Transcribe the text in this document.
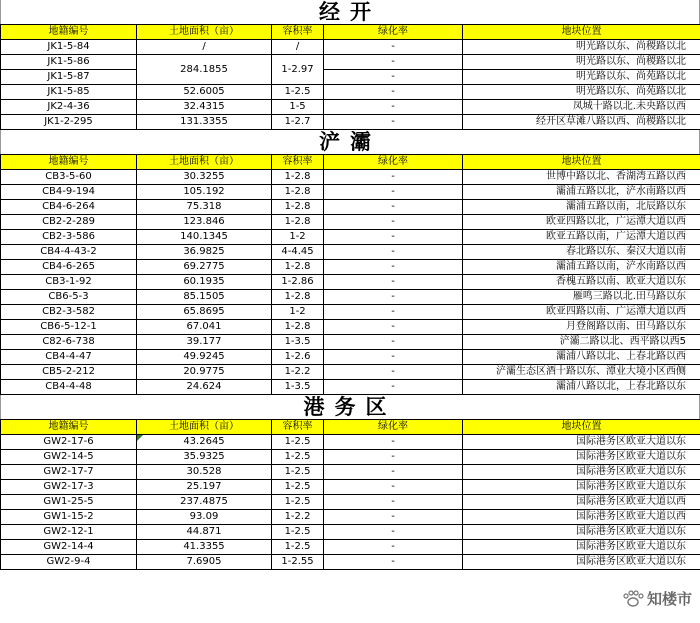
经开
地籍编号	土地面积（亩）	容积率	绿化率	地块位置
JK1-5-84	/	/	-	明光路以东、尚稷路以北
JK1-5-86	284.1855	1-2.97	-	明光路以东、尚稷路以北
JK1-5-87			-	明光路以东、尚苑路以北
JK1-5-85	52.6005	1-2.5	-	明光路以东、尚苑路以北
JK2-4-36	32.4315	1-5	-	凤城十路以北.未央路以西
JK1-2-295	131.3355	1-2.7	-	经开区草滩八路以西、尚稷路以北
浐灞
地籍编号	土地面积（亩）	容积率	绿化率	地块位置
CB3-5-60	30.3255	1-2.8	-	世博中路以北、香湖湾五路以西
CB4-9-194	105.192	1-2.8	-	灞浦五路以北，浐水南路以西
CB4-6-264	75.318	1-2.8	-	灞浦五路以南，北辰路以东
CB2-2-289	123.846	1-2.8	-	欧亚四路以北，广运潭大道以西
CB2-3-586	140.1345	1-2	-	欧亚五路以南，广运潭大道以西
CB4-4-43-2	36.9825	4-4.45	-	春北路以东、秦汉大道以南
CB4-6-265	69.2775	1-2.8	-	灞浦五路以南，浐水南路以西
CB3-1-92	60.1935	1-2.86	-	香槐五路以南、欧亚大道以东
CB6-5-3	85.1505	1-2.8	-	雁鸣三路以北.田马路以东
CB2-3-582	65.8695	1-2	-	欧亚四路以南、广运潭大道以西
CB6-5-12-1	67.041	1-2.8	-	月登阁路以南、田马路以东
C82-6-738	39.177	1-3.5	-	浐灞二路以北、西平路以西5
CB4-4-47	49.9245	1-2.6	-	灞浦八路以北、上春北路以西
CB5-2-212	20.9775	1-2.2	-	浐灞生态区酒十路以东、潭业大境小区西侧
CB4-4-48	24.624	1-3.5	-	灞浦八路以北，上春北路以东
港务区
地籍编号	土地面积（亩）	容积率	绿化率	地块位置
GW2-17-6	43.2645	1-2.5	-	国际港务区欧亚大道以东
GW2-14-5	35.9325	1-2.5	-	国际港务区欧亚大道以东
GW2-17-7	30.528	1-2.5	-	国际港务区欧亚大道以东
GW2-17-3	25.197	1-2.5	-	国际港务区欧亚大道以东
GW1-25-5	237.4875	1-2.5	-	国际港务区欧亚大道以西
GW1-15-2	93.09	1-2.2	-	国际港务区欧亚大道以西
GW2-12-1	44.871	1-2.5	-	国际港务区欧亚大道以东
GW2-14-4	41.3355	1-2.5	-	国际港务区欧亚大道以东
GW2-9-4	7.6905	1-2.55	-	国际港务区欧亚大道以东
知楼市
